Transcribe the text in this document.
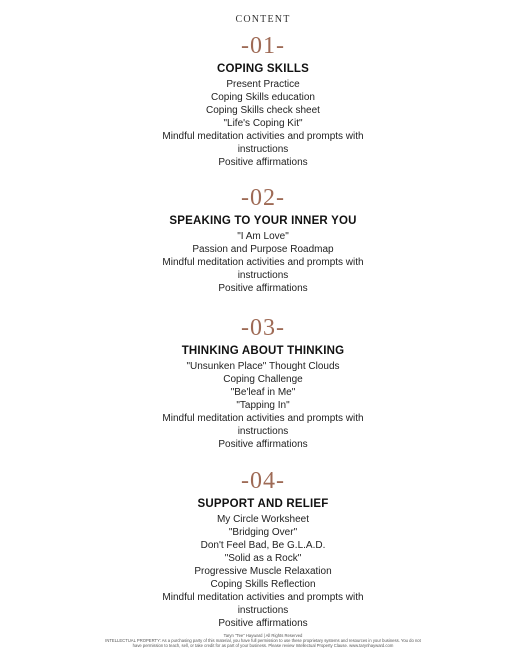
CONTENT
-01-
COPING SKILLS
Present Practice
Coping Skills education
Coping Skills check sheet
"Life's Coping Kit"
Mindful meditation activities and prompts with instructions
Positive affirmations
-02-
SPEAKING TO YOUR INNER YOU
"I Am Love"
Passion and Purpose Roadmap
Mindful meditation activities and prompts with instructions
Positive affirmations
-03-
THINKING ABOUT THINKING
"Unsunken Place" Thought Clouds
Coping Challenge
"Be'leaf in Me"
"Tapping In"
Mindful meditation activities and prompts with instructions
Positive affirmations
-04-
SUPPORT AND RELIEF
My Circle Worksheet
"Bridging Over"
Don't Feel Bad, Be G.L.A.D.
"Solid as a Rock"
Progressive Muscle Relaxation
Coping Skills Reflection
Mindful meditation activities and prompts with instructions
Positive affirmations
Taryn "Tee" Hayward | All Rights Reserved
INTELLECTUAL PROPERTY: As a purchasing party of this material, you have full permission to use these proprietary systems and resources in your business. You do not
have permission to teach, sell, or take credit for as part of your business. Please review Intellectual Property Clause. www.tarynhayward.com
